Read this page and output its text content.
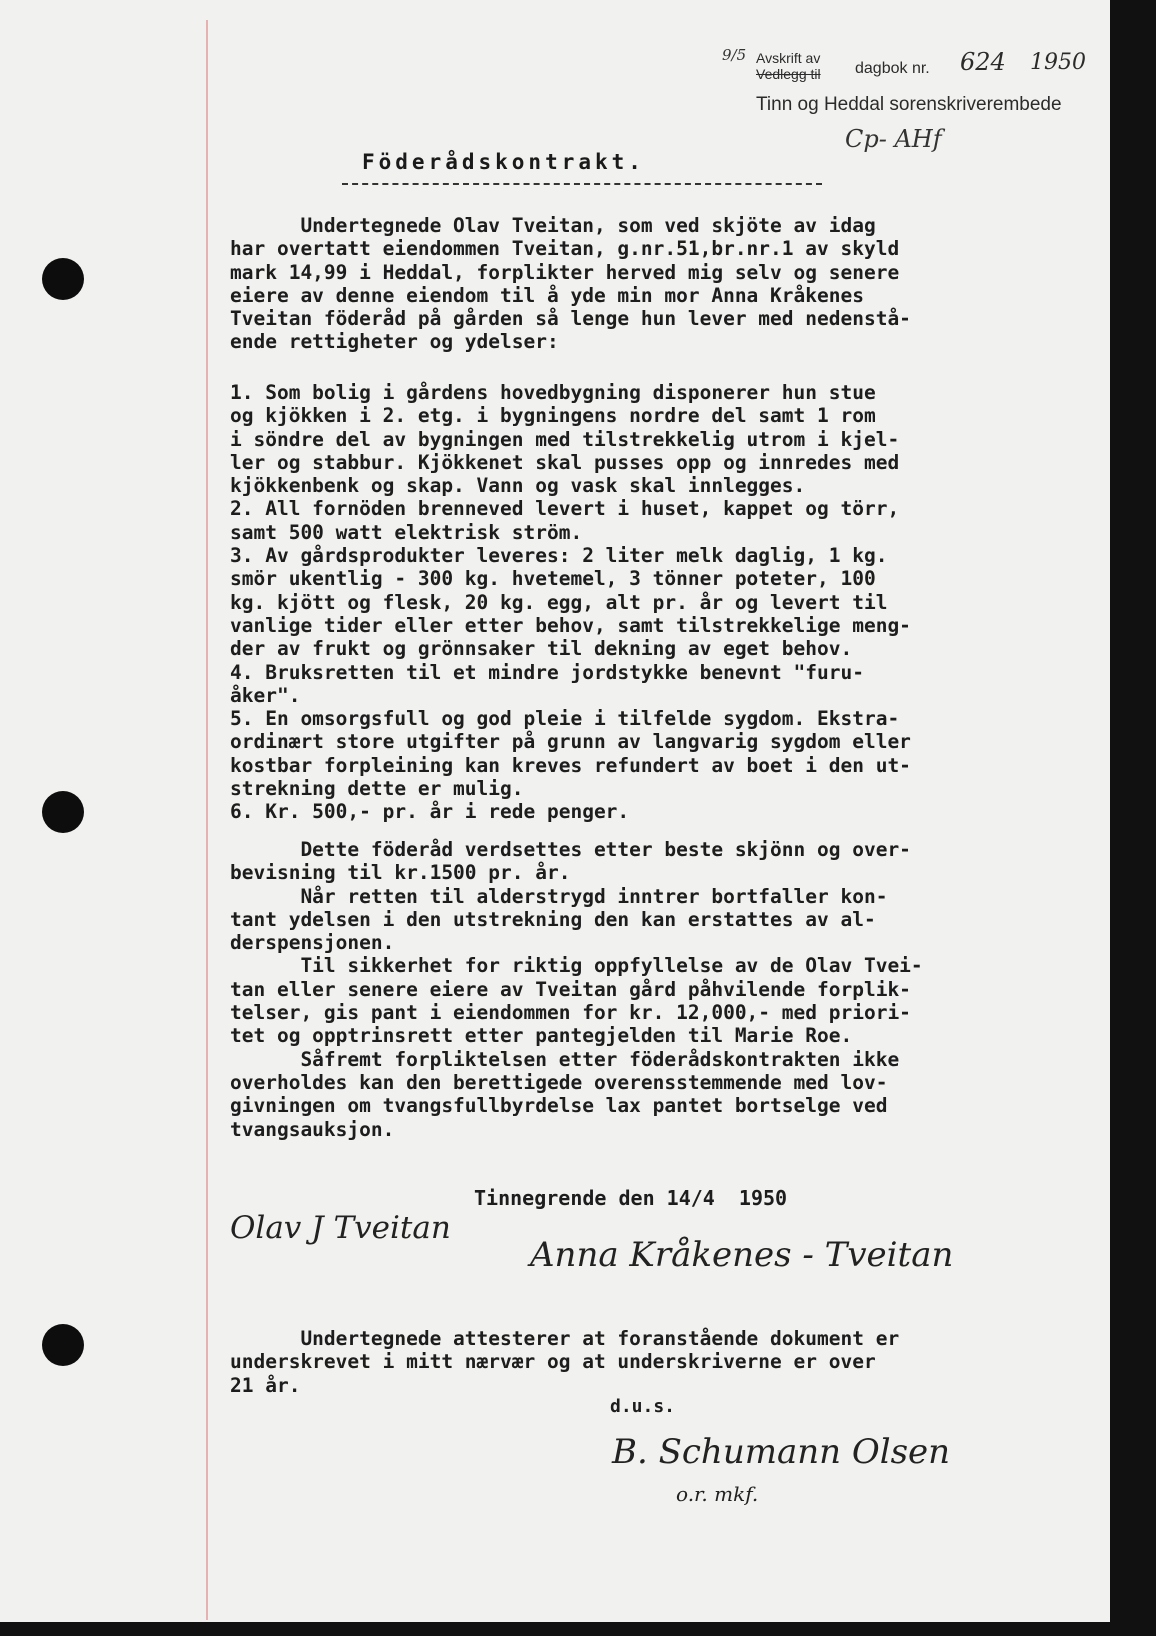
9/5 Avskrift av
Vedlegg til dagbok nr. 624 1950
Tinn og Heddal sorenskriverembede
Cp- AHf
Föderådskontrakt.
Undertegnede Olav Tveitan, som ved skjöte av idag
har overtatt eiendommen Tveitan, g.nr.51,br.nr.1 av skyld
mark 14,99 i Heddal, forplikter herved mig selv og senere
eiere av denne eiendom til å yde min mor Anna Kråkenes
Tveitan föderåd på gården så lenge hun lever med nedenstå-
ende rettigheter og ydelser:
1. Som bolig i gårdens hovedbygning disponerer hun stue
og kjökken i 2. etg. i bygningens nordre del samt 1 rom
i söndre del av bygningen med tilstrekkelig utrom i kjel-
ler og stabbur. Kjökkenet skal pusses opp og innredes med
kjökkenbenk og skap. Vann og vask skal innlegges.
2. All fornöden brenneved levert i huset, kappet og törr,
samt 500 watt elektrisk ström.
3. Av gårdsprodukter leveres: 2 liter melk daglig, 1 kg.
smör ukentlig - 300 kg. hvetemel, 3 tönner poteter, 100
kg. kjött og flesk, 20 kg. egg, alt pr. år og levert til
vanlige tider eller etter behov, samt tilstrekkelige meng-
der av frukt og grönnsaker til dekning av eget behov.
4. Bruksretten til et mindre jordstykke benevnt "furu-
åker".
5. En omsorgsfull og god pleie i tilfelde sygdom. Ekstra-
ordinært store utgifter på grunn av langvarig sygdom eller
kostbar forpleining kan kreves refundert av boet i den ut-
strekning dette er mulig.
6. Kr. 500,- pr. år i rede penger.
Dette föderåd verdsettes etter beste skjönn og over-
bevisning til kr.1500 pr. år.
Når retten til alderstrygd inntrer bortfaller kon-
tant ydelsen i den utstrekning den kan erstattes av al-
derspensjonen.
Til sikkerhet for riktig oppfyllelse av de Olav Tvei-
tan eller senere eiere av Tveitan gård påhvilende forplik-
telser, gis pant i eiendommen for kr. 12,000,- med priori-
tet og opptrinsrett etter pantegjelden til Marie Roe.
Såfremt forpliktelsen etter föderådskontrakten ikke
overholdes kan den berettigede overensstemmende med lov-
givningen om tvangsfullbyrdelse lax pantet bortselge ved
tvangsauksjon.
Tinnegrende den 14/4  1950
Olav J Tveitan
Anna Kråkenes - Tveitan
Undertegnede attesterer at foranstående dokument er
underskrevet i mitt nærvær og at underskriverne er over
21 år.
d.u.s.
B. Schumann Olsen
o.r. mkf.
